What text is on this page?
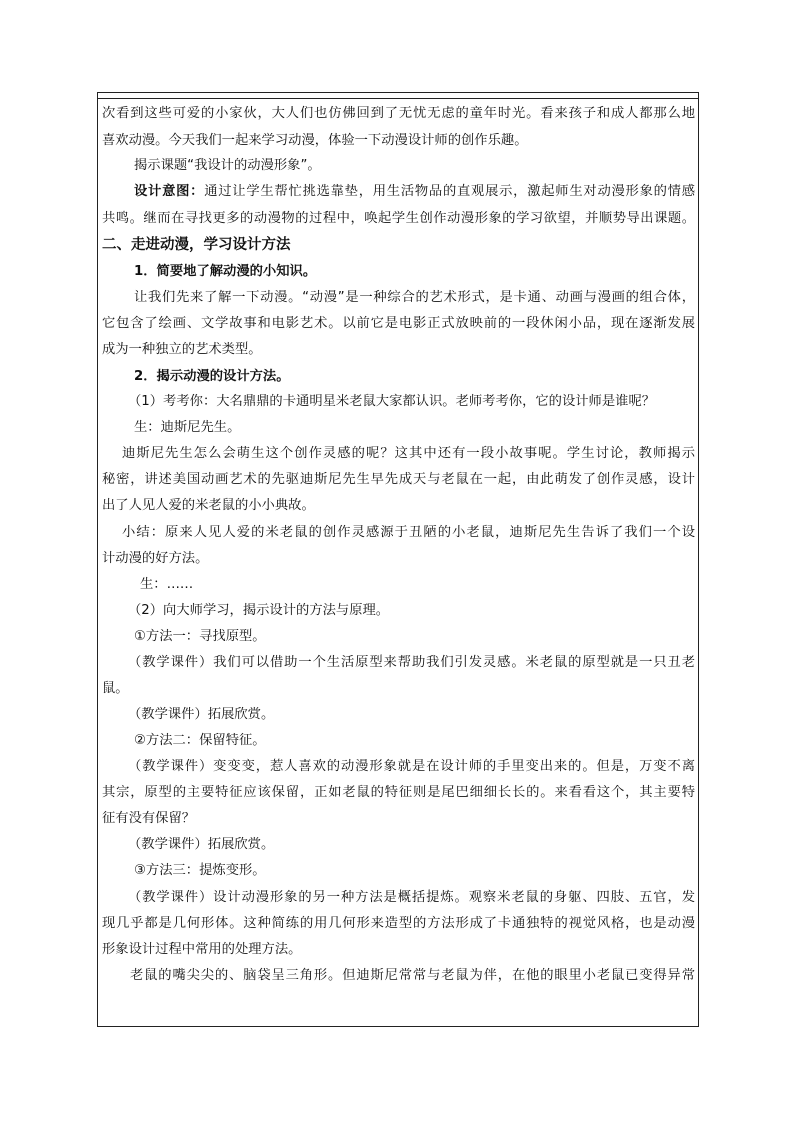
次看到这些可爱的小家伙，大人们也仿佛回到了无忧无虑的童年时光。看来孩子和成人都那么地
喜欢动漫。今天我们一起来学习动漫，体验一下动漫设计师的创作乐趣。
揭示课题“我设计的动漫形象”。
设计意图：通过让学生帮忙挑选靠垫，用生活物品的直观展示，激起师生对动漫形象的情感
共鸣。继而在寻找更多的动漫物的过程中，唤起学生创作动漫形象的学习欲望，并顺势导出课题。
二、走进动漫，学习设计方法
1．简要地了解动漫的小知识。
让我们先来了解一下动漫。“动漫”是一种综合的艺术形式，是卡通、动画与漫画的组合体，
它包含了绘画、文学故事和电影艺术。以前它是电影正式放映前的一段休闲小品，现在逐渐发展
成为一种独立的艺术类型。
2．揭示动漫的设计方法。
（1）考考你：大名鼎鼎的卡通明星米老鼠大家都认识。老师考考你，它的设计师是谁呢？
生：迪斯尼先生。
迪斯尼先生怎么会萌生这个创作灵感的呢？这其中还有一段小故事呢。学生讨论，教师揭示
秘密，讲述美国动画艺术的先驱迪斯尼先生早先成天与老鼠在一起，由此萌发了创作灵感，设计
出了人见人爱的米老鼠的小小典故。
小结：原来人见人爱的米老鼠的创作灵感源于丑陋的小老鼠，迪斯尼先生告诉了我们一个设
计动漫的好方法。
生：……
（2）向大师学习，揭示设计的方法与原理。
①方法一：寻找原型。
（教学课件）我们可以借助一个生活原型来帮助我们引发灵感。米老鼠的原型就是一只丑老
鼠。
（教学课件）拓展欣赏。
②方法二：保留特征。
（教学课件）变变变，惹人喜欢的动漫形象就是在设计师的手里变出来的。但是，万变不离
其宗，原型的主要特征应该保留，正如老鼠的特征则是尾巴细细长长的。来看看这个，其主要特
征有没有保留？
（教学课件）拓展欣赏。
③方法三：提炼变形。
（教学课件）设计动漫形象的另一种方法是概括提炼。观察米老鼠的身躯、四肢、五官，发
现几乎都是几何形体。这种简练的用几何形来造型的方法形成了卡通独特的视觉风格，也是动漫
形象设计过程中常用的处理方法。
老鼠的嘴尖尖的、脑袋呈三角形。但迪斯尼常常与老鼠为伴，在他的眼里小老鼠已变得异常
